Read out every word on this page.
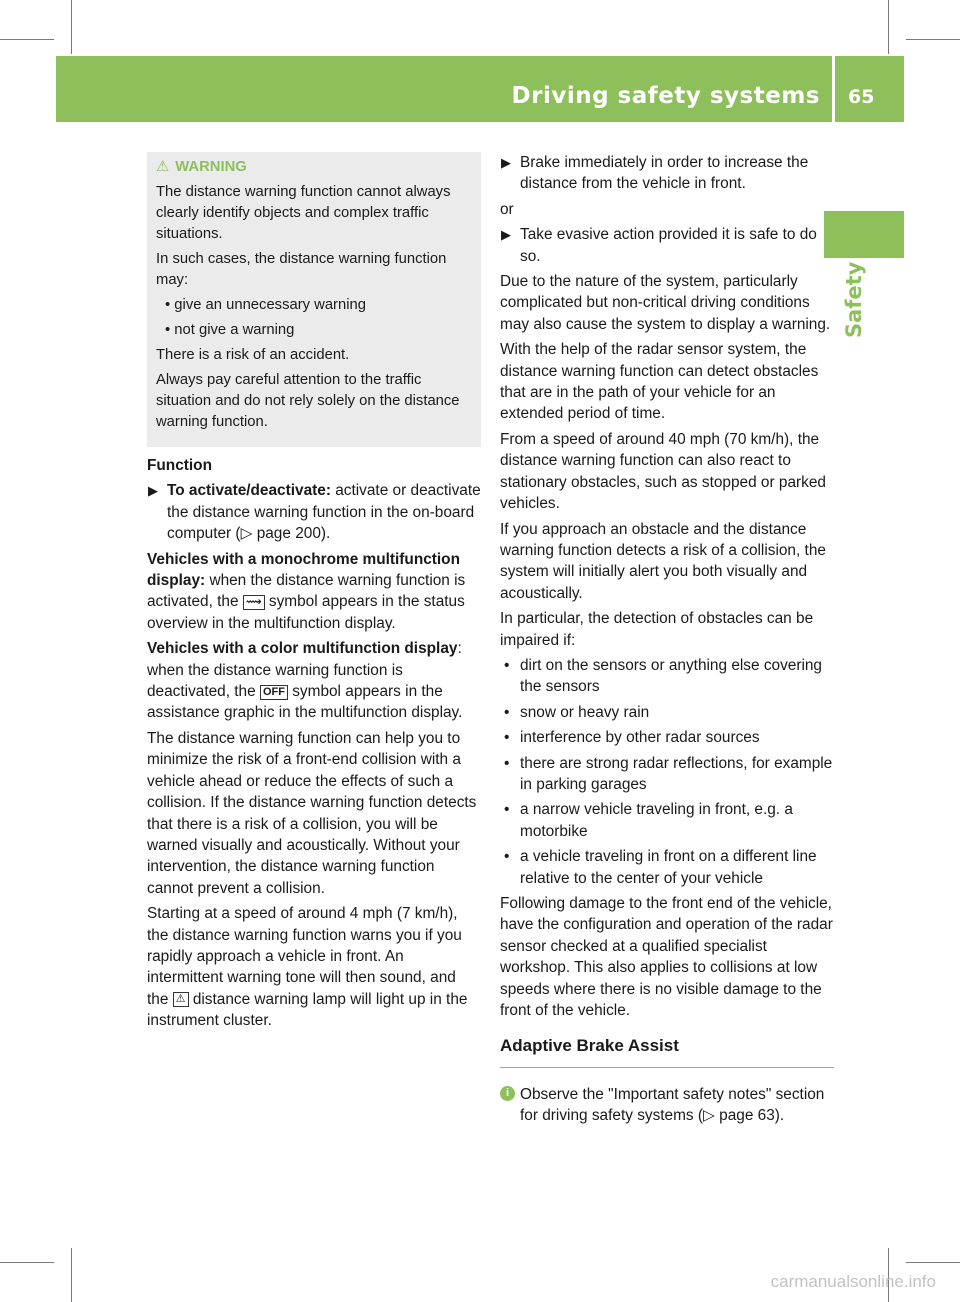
Driving safety systems 65
Safety

⚠ WARNING

The distance warning function cannot always clearly identify objects and complex traffic situations.

In such cases, the distance warning function may:

• give an unnecessary warning

• not give a warning

There is a risk of an accident.

Always pay careful attention to the traffic situation and do not rely solely on the distance warning function.

Function

▶ To activate/deactivate: activate or deactivate the distance warning function in the on-board computer (▷ page 200).

Vehicles with a monochrome multifunction display: when the distance warning function is activated, the ⟿ symbol appears in the status overview in the multifunction display.

Vehicles with a color multifunction display: when the distance warning function is deactivated, the OFF symbol appears in the assistance graphic in the multifunction display.

The distance warning function can help you to minimize the risk of a front-end collision with a vehicle ahead or reduce the effects of such a collision. If the distance warning function detects that there is a risk of a collision, you will be warned visually and acoustically. Without your intervention, the distance warning function cannot prevent a collision.

Starting at a speed of around 4 mph (7 km/h), the distance warning function warns you if you rapidly approach a vehicle in front. An intermittent warning tone will then sound, and the ⚠ distance warning lamp will light up in the instrument cluster.

▶ Brake immediately in order to increase the distance from the vehicle in front.

or

▶ Take evasive action provided it is safe to do so.

Due to the nature of the system, particularly complicated but non-critical driving conditions may also cause the system to display a warning.

With the help of the radar sensor system, the distance warning function can detect obstacles that are in the path of your vehicle for an extended period of time.

From a speed of around 40 mph (70 km/h), the distance warning function can also react to stationary obstacles, such as stopped or parked vehicles.

If you approach an obstacle and the distance warning function detects a risk of a collision, the system will initially alert you both visually and acoustically.

In particular, the detection of obstacles can be impaired if:

• dirt on the sensors or anything else covering the sensors

• snow or heavy rain

• interference by other radar sources

• there are strong radar reflections, for example in parking garages

• a narrow vehicle traveling in front, e.g. a motorbike

• a vehicle traveling in front on a different line relative to the center of your vehicle

Following damage to the front end of the vehicle, have the configuration and operation of the radar sensor checked at a qualified specialist workshop. This also applies to collisions at low speeds where there is no visible damage to the front of the vehicle.

Adaptive Brake Assist

i Observe the "Important safety notes" section for driving safety systems (▷ page 63).

carmanualsonline.info
